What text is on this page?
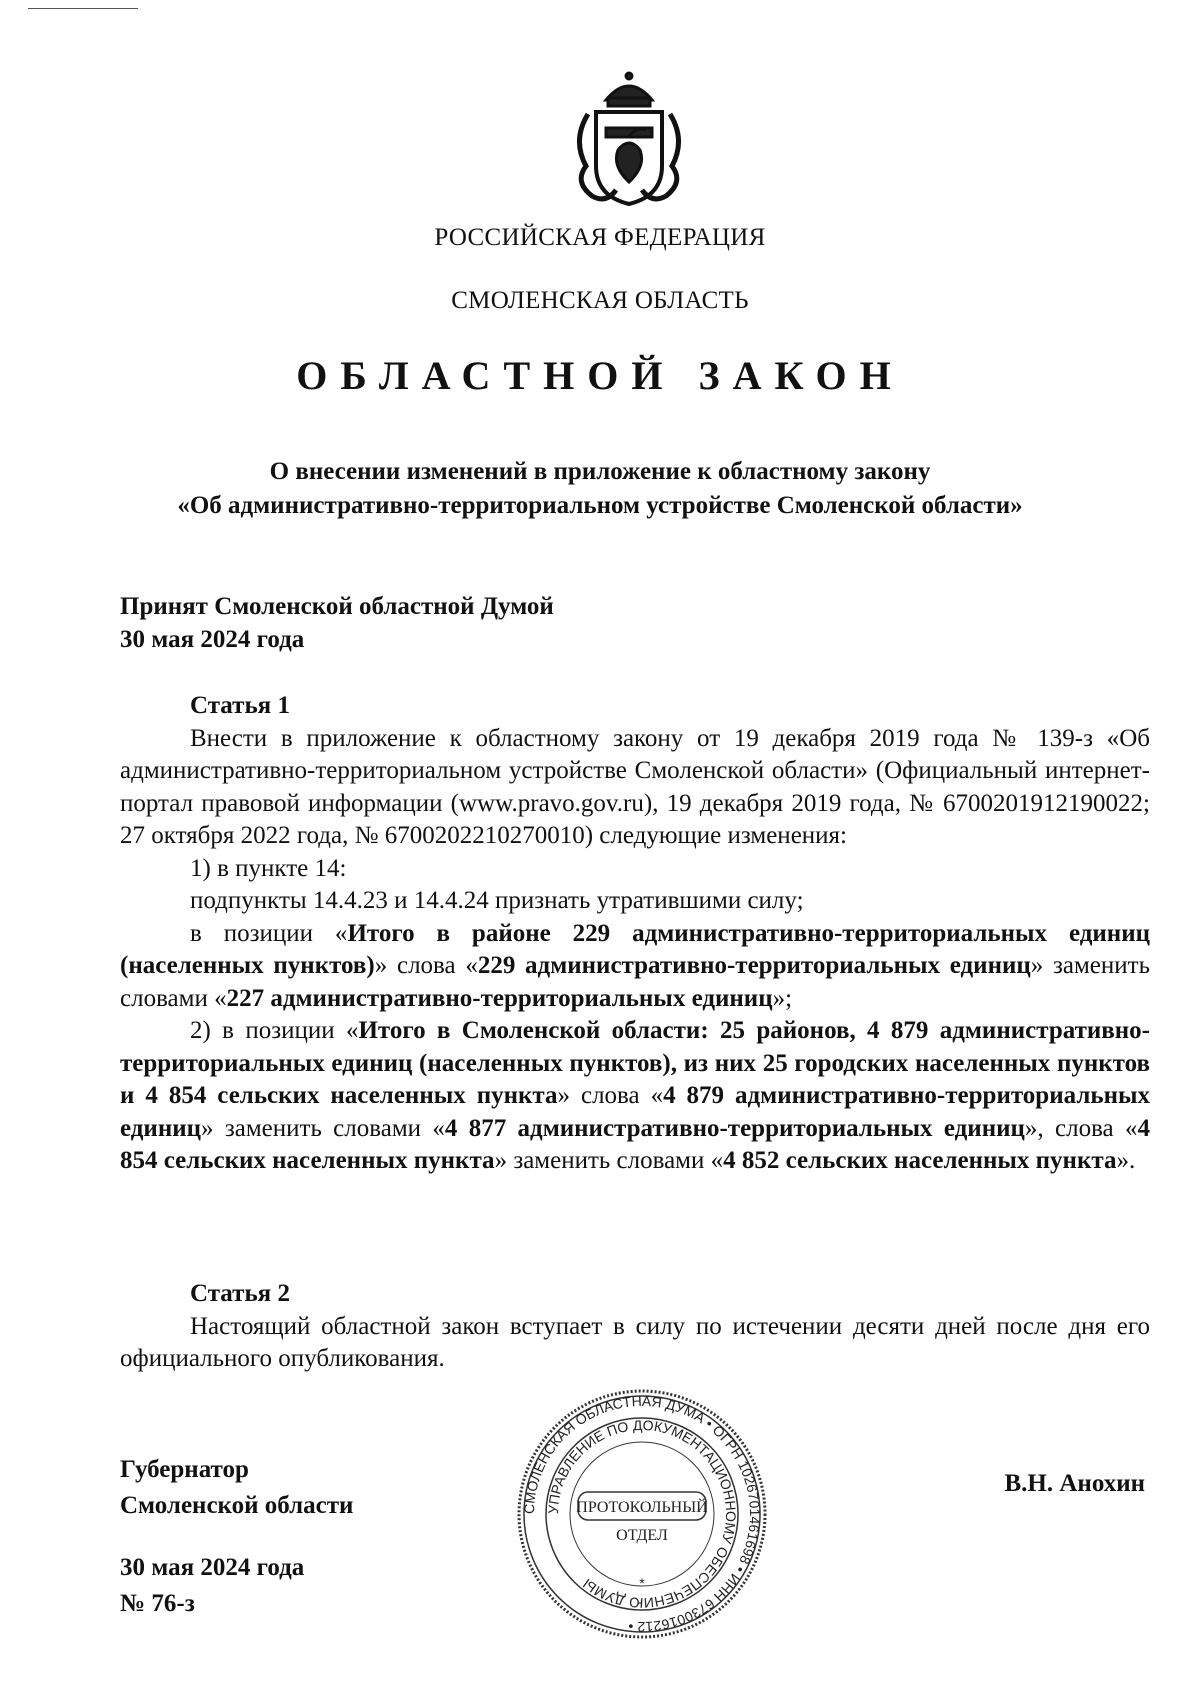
РОССИЙСКАЯ ФЕДЕРАЦИЯ
СМОЛЕНСКАЯ ОБЛАСТЬ
ОБЛАСТНОЙ ЗАКОН
О внесении изменений в приложение к областному закону
«Об административно-территориальном устройстве Смоленской области»
Принят Смоленской областной Думой
30 мая 2024 года

Статья 1

Внести в приложение к областному закону от 19 декабря 2019 года № 139-з «Об административно-территориальном устройстве Смоленской области» (Официальный интернет-портал правовой информации (www.pravo.gov.ru), 19 декабря 2019 года, № 6700201912190022; 27 октября 2022 года, № 6700202210270010) следующие изменения:

1) в пункте 14:

подпункты 14.4.23 и 14.4.24 признать утратившими силу;

в позиции «Итого в районе 229 административно-территориальных единиц (населенных пунктов)» слова «229 административно-территориальных единиц» заменить словами «227 административно-территориальных единиц»;

2) в позиции «Итого в Смоленской области: 25 районов, 4 879 административно-территориальных единиц (населенных пунктов), из них 25 городских населенных пунктов и 4 854 сельских населенных пункта» слова «4 879 административно-территориальных единиц» заменить словами «4 877 административно-территориальных единиц», слова «4 854 сельских населенных пункта» заменить словами «4 852 сельских населенных пункта».

Статья 2

Настоящий областной закон вступает в силу по истечении десяти дней после дня его официального опубликования.

Губернатор
Смоленской области
В.Н. Анохин
30 мая 2024 года
№ 76-з
СМОЛЕНСКАЯ ОБЛАСТНАЯ ДУМА • ОГРН 1026701461698 • ИНН 6730016212 •
УПРАВЛЕНИЕ ПО ДОКУМЕНТАЦИОННОМУ ОБЕСПЕЧЕНИЮ ДУМЫ
ПРОТОКОЛЬНЫЙ
ОТДЕЛ
*
